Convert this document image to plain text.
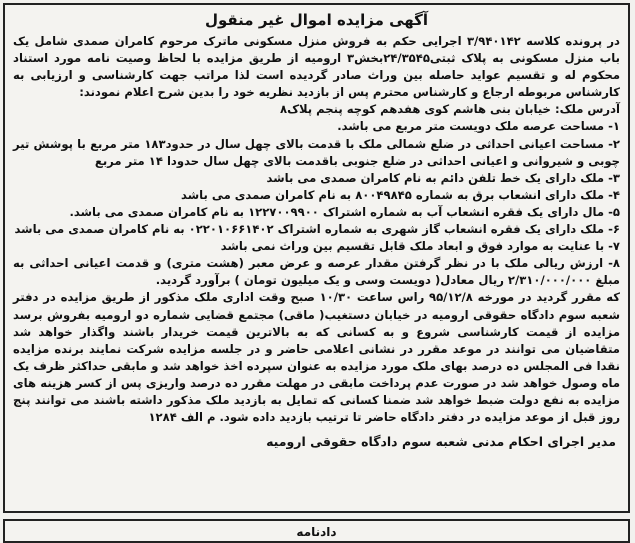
آگهی مزایده اموال غیر منقول

در پرونده کلاسه ۳/۹۴۰۱۴۲ اجرایی حکم به فروش منزل مسکونی ماترک مرحوم کامران صمدی شامل یک باب منزل مسکونی به پلاک ثبتی۲۴/۳۵۴۵بخش۳ ارومیه از طریق مزایده با لحاظ وصیت نامه مورد استناد محکوم له و تقسیم عواید حاصله بین وراث صادر گردیده است لذا مراتب جهت کارشناسی و ارزیابی به کارشناس مربوطه ارجاع و کارشناس محترم پس از بازدید نظریه خود را بدین شرح اعلام نمودند:

آدرس ملک: خیابان بنی هاشم کوی هفدهم کوچه پنجم پلاک۸

۱- مساحت عرصه ملک دویست متر مربع می باشد.

۲- مساحت اعیانی احداثی در ضلع شمالی ملک با قدمت بالای چهل سال در حدود۱۸۳ متر مربع با پوشش تیر چوبی و شیروانی و اعیانی احداثی در ضلع جنوبی باقدمت بالای چهل سال حدودا ۱۴ متر مربع

۳- ملک دارای یک خط تلفن دائم به نام کامران صمدی می باشد

۴- ملک دارای انشعاب برق به شماره ۸۰۰۴۹۸۴۵ به نام کامران صمدی می باشد

۵- مال دارای یک فقره انشعاب آب به شماره اشتراک ۱۲۲۷۰۰۹۹۰۰ به نام کامران صمدی می باشد.

۶- ملک دارای یک فقره انشعاب گاز شهری به شماره اشتراک ۰۲۲۰۱۰۶۶۱۴۰۲ به نام کامران صمدی می باشد

۷- با عنایت به موارد فوق و ابعاد ملک قابل تقسیم بین وراث نمی باشد

۸- ارزش ریالی ملک با در نظر گرفتن مقدار عرصه و عرض معبر (هشت متری) و قدمت اعیانی احداثی به مبلغ ۲/۳۱۰/۰۰۰/۰۰۰ ریال معادل( دویست وسی و یک میلیون تومان ) برآورد گردید.

که مقرر گردید در مورخه ۹۵/۱۲/۸ راس ساعت ۱۰/۳۰ صبح وقت اداری ملک مذکور از طریق مزایده در دفتر شعبه سوم دادگاه حقوقی ارومیه در خیابان دستغیب( ماقی) مجتمع قضایی شماره دو ارومیه بفروش برسد مزایده از قیمت کارشناسی شروع و به کسانی که به بالاترین قیمت خریدار باشند واگذار خواهد شد متقاضیان می توانند در موعد مقرر در نشانی اعلامی حاضر و در جلسه مزایده شرکت نمایند برنده مزایده نقدا فی المجلس ده درصد بهای ملک مورد مزایده به عنوان سپرده اخذ خواهد شد و مابقی حداکثر ظرف یک ماه وصول خواهد شد در صورت عدم پرداخت مابقی در مهلت مقرر ده درصد واریزی پس از کسر هزینه های مزایده به نفع دولت ضبط خواهد شد ضمنا کسانی که تمایل به بازدید ملک مذکور داشته باشند می توانند پنج روز قبل از موعد مزایده در دفتر دادگاه حاضر تا ترتیب بازدید داده شود. م الف ۱۲۸۴

مدیر اجرای احکام مدنی شعبه سوم دادگاه حقوقی ارومیه
دادنامه
